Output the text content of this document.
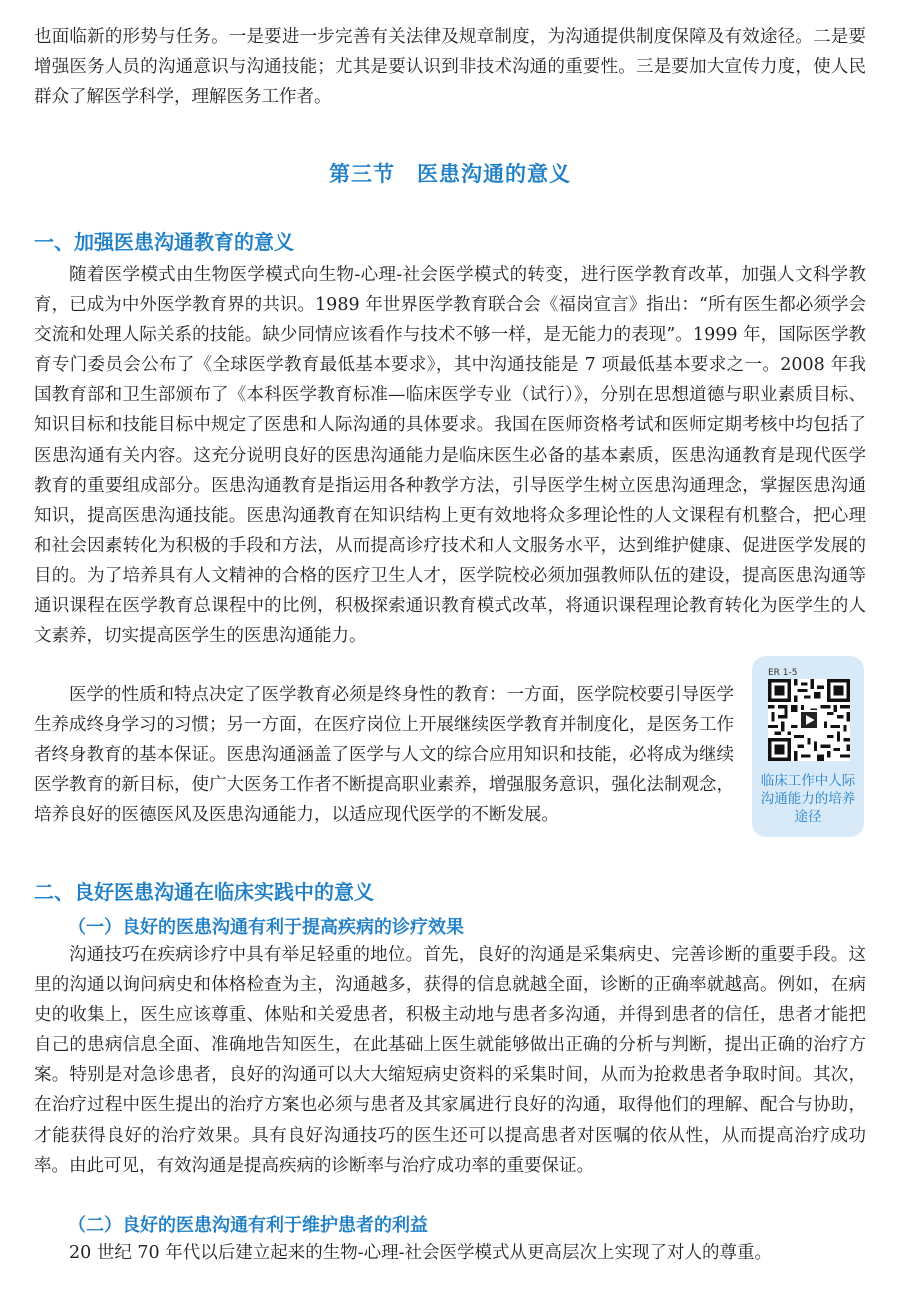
也面临新的形势与任务。一是要进一步完善有关法律及规章制度，为沟通提供制度保障及有效途径。二是要增强医务人员的沟通意识与沟通技能；尤其是要认识到非技术沟通的重要性。三是要加大宣传力度，使人民群众了解医学科学，理解医务工作者。

第三节　医患沟通的意义
一、加强医患沟通教育的意义

随着医学模式由生物医学模式向生物-心理-社会医学模式的转变，进行医学教育改革，加强人文科学教育，已成为中外医学教育界的共识。1989 年世界医学教育联合会《福岗宣言》指出：“所有医生都必须学会交流和处理人际关系的技能。缺少同情应该看作与技术不够一样，是无能力的表现”。1999 年，国际医学教育专门委员会公布了《全球医学教育最低基本要求》，其中沟通技能是 7 项最低基本要求之一。2008 年我国教育部和卫生部颁布了《本科医学教育标准—临床医学专业（试行）》，分别在思想道德与职业素质目标、知识目标和技能目标中规定了医患和人际沟通的具体要求。我国在医师资格考试和医师定期考核中均包括了医患沟通有关内容。这充分说明良好的医患沟通能力是临床医生必备的基本素质，医患沟通教育是现代医学教育的重要组成部分。医患沟通教育是指运用各种教学方法，引导医学生树立医患沟通理念，掌握医患沟通知识，提高医患沟通技能。医患沟通教育在知识结构上更有效地将众多理论性的人文课程有机整合，把心理和社会因素转化为积极的手段和方法，从而提高诊疗技术和人文服务水平，达到维护健康、促进医学发展的目的。为了培养具有人文精神的合格的医疗卫生人才，医学院校必须加强教师队伍的建设，提高医患沟通等通识课程在医学教育总课程中的比例，积极探索通识教育模式改革，将通识课程理论教育转化为医学生的人文素养，切实提高医学生的医患沟通能力。

医学的性质和特点决定了医学教育必须是终身性的教育：一方面，医学院校要引导医学生养成终身学习的习惯；另一方面，在医疗岗位上开展继续医学教育并制度化，是医务工作者终身教育的基本保证。医患沟通涵盖了医学与人文的综合应用知识和技能，必将成为继续医学教育的新目标，使广大医务工作者不断提高职业素养，增强服务意识，强化法制观念，培养良好的医德医风及医患沟通能力，以适应现代医学的不断发展。

ER 1-5
临床工作中人际沟通能力的培养途径
二、良好医患沟通在临床实践中的意义
（一）良好的医患沟通有利于提高疾病的诊疗效果

沟通技巧在疾病诊疗中具有举足轻重的地位。首先，良好的沟通是采集病史、完善诊断的重要手段。这里的沟通以询问病史和体格检查为主，沟通越多，获得的信息就越全面，诊断的正确率就越高。例如，在病史的收集上，医生应该尊重、体贴和关爱患者，积极主动地与患者多沟通，并得到患者的信任，患者才能把自己的患病信息全面、准确地告知医生，在此基础上医生就能够做出正确的分析与判断，提出正确的治疗方案。特别是对急诊患者，良好的沟通可以大大缩短病史资料的采集时间，从而为抢救患者争取时间。其次，在治疗过程中医生提出的治疗方案也必须与患者及其家属进行良好的沟通，取得他们的理解、配合与协助，才能获得良好的治疗效果。具有良好沟通技巧的医生还可以提高患者对医嘱的依从性，从而提高治疗成功率。由此可见，有效沟通是提高疾病的诊断率与治疗成功率的重要保证。

（二）良好的医患沟通有利于维护患者的利益

20 世纪 70 年代以后建立起来的生物-心理-社会医学模式从更高层次上实现了对人的尊重。
